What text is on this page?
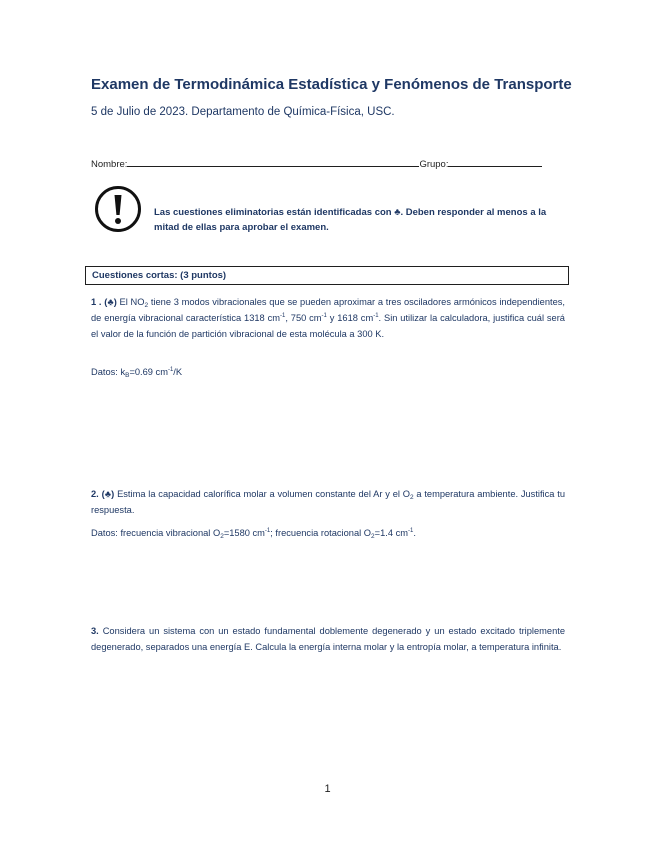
Examen de Termodinámica Estadística y Fenómenos de Transporte
5 de Julio de 2023. Departamento de Química-Física, USC.
Nombre:	Grupo:
Las cuestiones eliminatorias están identificadas con ♣. Deben responder al menos a la mitad de ellas para aprobar el examen.
Cuestiones cortas: (3 puntos)
1 . (♣) El $NO_2$ tiene 3 modos vibracionales que se pueden aproximar a tres osciladores armónicos independientes, de energía vibracional característica 1318 $cm^{-1}$, 750 $cm^{-1}$ y 1618 $cm^{-1}$. Sin utilizar la calculadora, justifica cuál será el valor de la función de partición vibracional de esta molécula a 300 K.
Datos: $k_B=0.69$ $cm^{-1}/K$
2. (♣) Estima la capacidad calorífica molar a volumen constante del Ar y el $O_2$ a temperatura ambiente. Justifica tu respuesta.
Datos: frecuencia vibracional $O_2=1580$ $cm^{-1}$; frecuencia rotacional $O_2=1.4$ $cm^{-1}$.
3. Considera un sistema con un estado fundamental doblemente degenerado y un estado excitado triplemente degenerado, separados una energía E. Calcula la energía interna molar y la entropía molar, a temperatura infinita.
1
